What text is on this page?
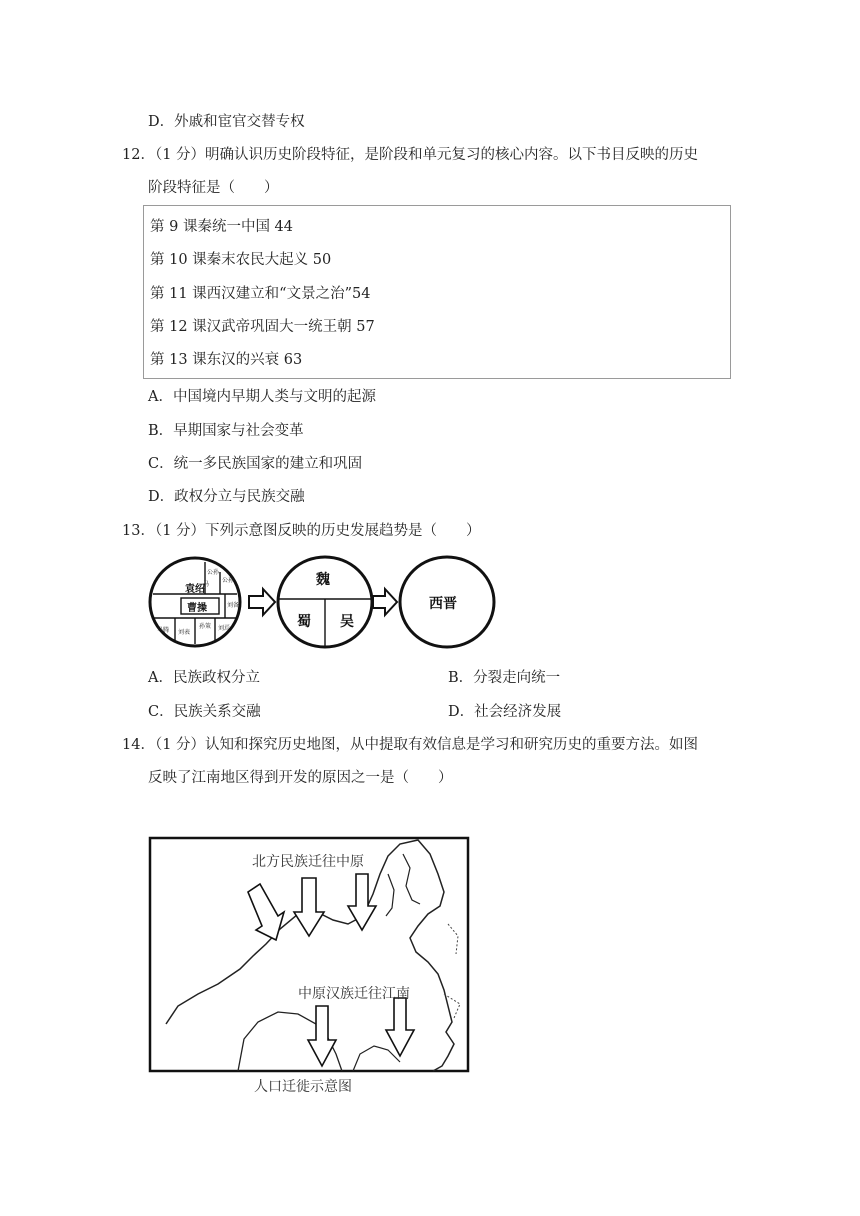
D．外戚和宦官交替专权
12．（1 分）明确认识历史阶段特征，是阶段和单元复习的核心内容。以下书目反映的历史
阶段特征是（　　）
第 9 课秦统一中国 44
第 10 课秦末农民大起义 50
第 11 课西汉建立和“文景之治”54
第 12 课汉武帝巩固大一统王朝 57
第 13 课东汉的兴衰 63
A．中国境内早期人类与文明的起源
B．早期国家与社会变革
C．统一多民族国家的建立和巩固
D．政权分立与民族交融
13．（1 分）下列示意图反映的历史发展趋势是（　　）
公孙
公孙
马
马腾 刘表
孙策 刘焉
刘备
袁绍
曹操
魏
蜀 吴
西晋
A．民族政权分立	B．分裂走向统一
C．民族关系交融	D．社会经济发展
14．（1 分）认知和探究历史地图，从中提取有效信息是学习和研究历史的重要方法。如图
反映了江南地区得到开发的原因之一是（　　）
北方民族迁往中原
中原汉族迁往江南
人口迁徙示意图
